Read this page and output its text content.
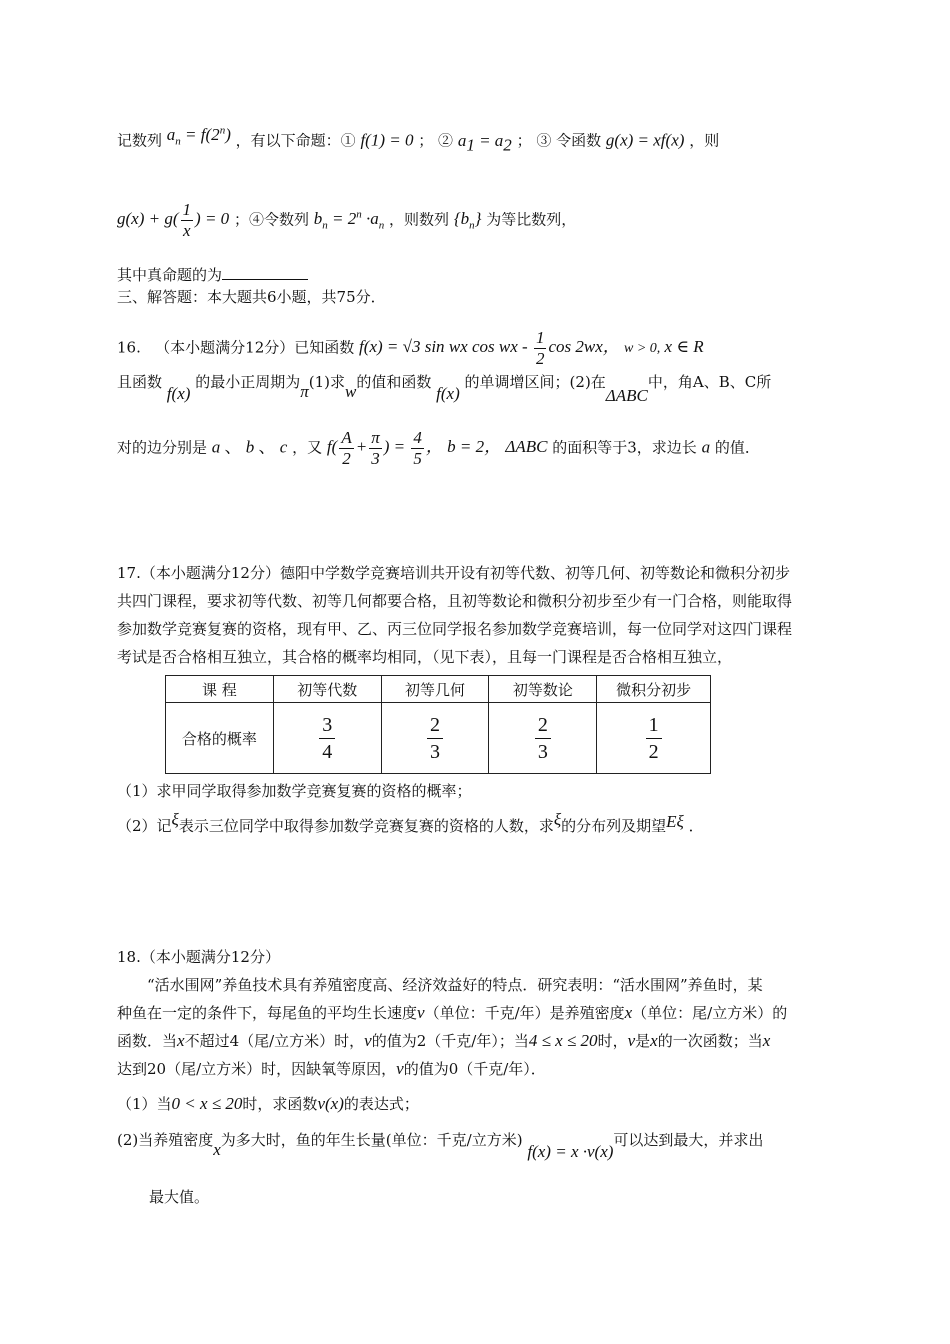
记数列 $a_n = f(2^n)$ ，有以下命题：① f(1) = 0 ； ② $a_1 = a_2$ ； ③ 令函数 g(x) = xf(x) ，则
$g(x) + g( \frac{1}{x}$ ) = 0 ；④令数列 $b_n = 2^n \cdot a_n$ ，则数列 $\{b_n\}$ 为等比数列，
其中真命题的为
三、解答题：本大题共6小题，共75分．
16. （本小题满分12分）已知函数 f(x) = √3 sin wx cos wx - $\frac{1}{2}$ cos 2wx， w > 0, x ∈ R
且函数 f(x) 的最小正周期为π(1)求w的值和函数 f(x) 的单调增区间；(2)在ΔABC中，角A、B、C所
对的边分别是 a 、 b 、 c ，又 $f( \frac{A}{2} + \frac{\pi}{3}$ ) = $\frac{4}{5}$ ， b = 2， ΔABC 的面积等于3，求边长 a 的值．
17.（本小题满分12分）德阳中学数学竞赛培训共开设有初等代数、初等几何、初等数论和微积分初步
共四门课程，要求初等代数、初等几何都要合格，且初等数论和微积分初步至少有一门合格，则能取得
参加数学竞赛复赛的资格，现有甲、乙、丙三位同学报名参加数学竞赛培训，每一位同学对这四门课程
考试是否合格相互独立，其合格的概率均相同，（见下表），且每一门课程是否合格相互独立，
课 程	初等代数	初等几何	初等数论	微积分初步
合格的概率	$\frac{3}{4}$	$\frac{2}{3}$	$\frac{2}{3}$	$\frac{1}{2}$
（1）求甲同学取得参加数学竞赛复赛的资格的概率；
（2）记ξ表示三位同学中取得参加数学竞赛复赛的资格的人数，求ξ的分布列及期望Eξ ．
18.（本小题满分12分）
“活水围网”养鱼技术具有养殖密度高、经济效益好的特点．研究表明：“活水围网”养鱼时，某
种鱼在一定的条件下，每尾鱼的平均生长速度v（单位：千克/年）是养殖密度x（单位：尾/立方米）的
函数．当x不超过4（尾/立方米）时，v的值为2（千克/年）；当4 ≤ x ≤ 20时，v是x的一次函数；当x
达到20（尾/立方米）时，因缺氧等原因，v的值为0（千克/年）．
（1）当0 < x ≤ 20时，求函数v(x)的表达式；
(2)当养殖密度x为多大时，鱼的年生长量(单位：千克/立方米) f(x) = x ·v(x)可以达到最大，并求出
最大值。
